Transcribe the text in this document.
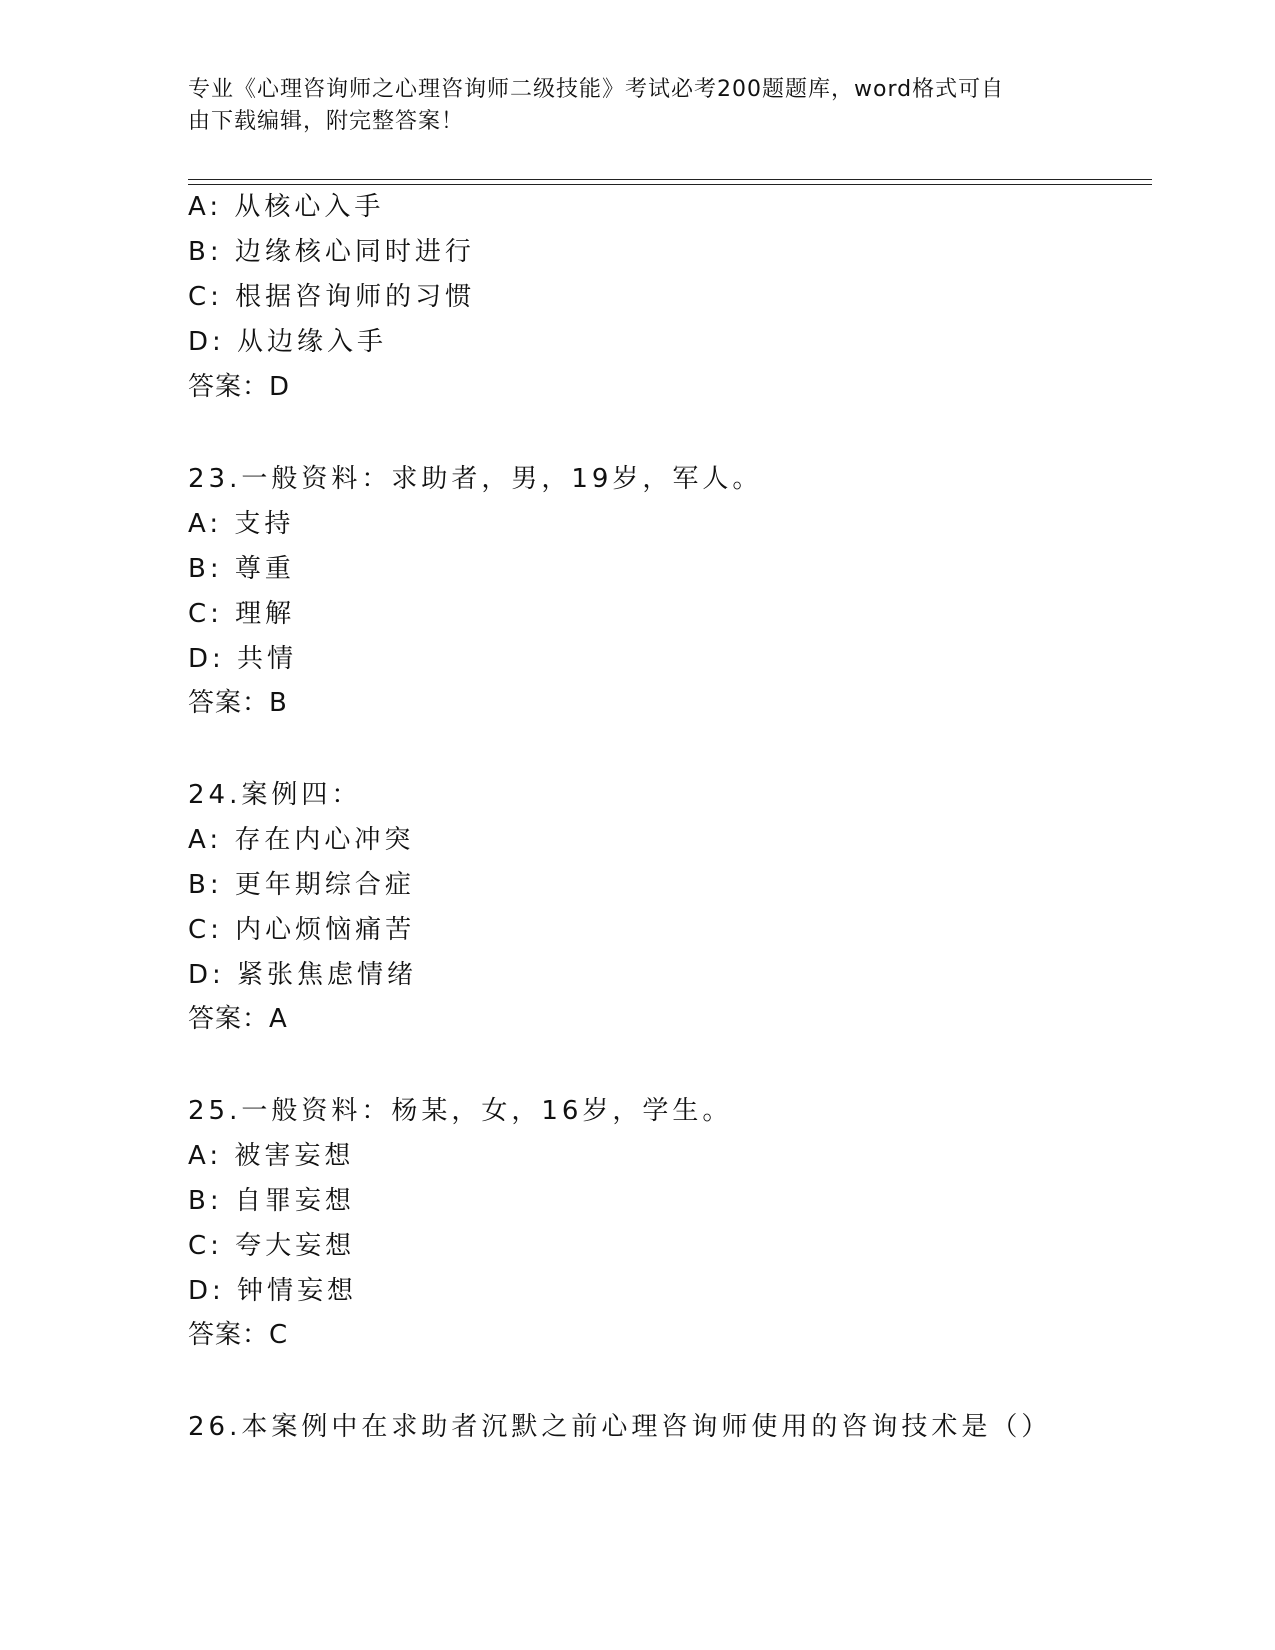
专业《心理咨询师之心理咨询师二级技能》考试必考200题题库，word格式可自
由下载编辑，附完整答案！
A: 从核心入手
B: 边缘核心同时进行
C: 根据咨询师的习惯
D: 从边缘入手
答案：D
23.一般资料：求助者，男，19岁，军人。
A: 支持
B: 尊重
C: 理解
D: 共情
答案：B
24.案例四：
A: 存在内心冲突
B: 更年期综合症
C: 内心烦恼痛苦
D: 紧张焦虑情绪
答案：A
25.一般资料：杨某，女，16岁，学生。
A: 被害妄想
B: 自罪妄想
C: 夸大妄想
D: 钟情妄想
答案：C
26.本案例中在求助者沉默之前心理咨询师使用的咨询技术是（）
